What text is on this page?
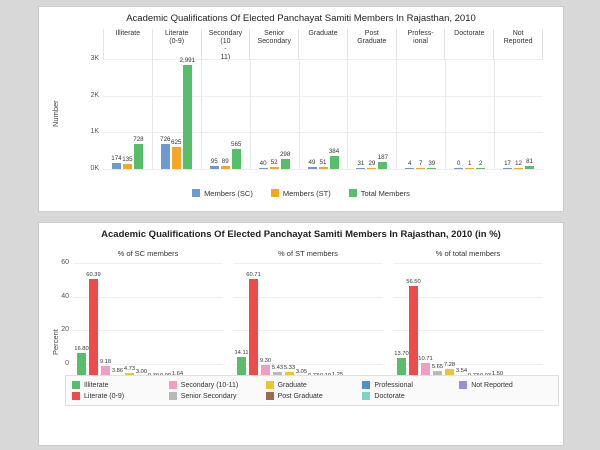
Academic Qualifications Of Elected Panchayat Samiti Members In Rajasthan, 2010
Illiterate	Literate
(0-9)
Secondary
(10
-
11)
Senior
Secondary
Graduate	Post
Graduate
Profess-
ional
Doctorate	Not
Reported
174 135
728	726
625
2,991
95 89
565
40 52
298
49 51
384
31 29
187
4 7 39	0 1 2	17 12 81
3K
2K
1K
0K
Number
Members (SC)	Members (ST)	Total Members
Academic Qualifications Of Elected Panchayat Samiti Members In Rajasthan, 2010 (in %)
Percent
60
40
20
0
% of SC members
16.80
60.39
9.18
3.86 4.73 3.00
% of ST members
14.11
60.71
9.30
5.43 5.33
3.05
% of total members
13.70
56.50
10.71
5.65 7.28
3.54
Illiterate	Secondary (10-11)	Graduate	Professional	Not Reported
Literate (0-9)	Senior Secondary	Post Graduate	Doctorate
